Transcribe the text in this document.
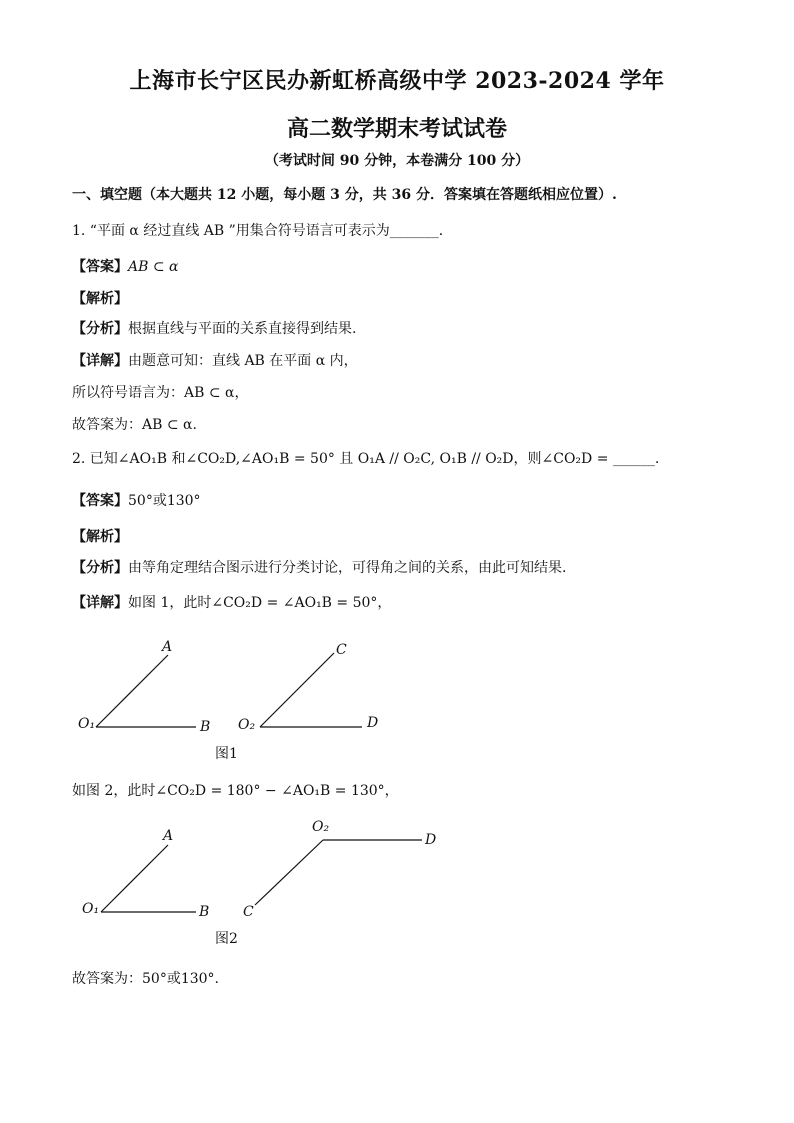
上海市长宁区民办新虹桥高级中学 2023-2024 学年
高二数学期末考试试卷
（考试时间 90 分钟，本卷满分 100 分）
一、填空题（本大题共 12 小题，每小题 3 分，共 36 分．答案填在答题纸相应位置）.
1. “平面 α 经过直线 AB ”用集合符号语言可表示为_______．
【答案】AB ⊂ α
【解析】
【分析】根据直线与平面的关系直接得到结果.
【详解】由题意可知：直线 AB 在平面 α 内，
所以符号语言为：AB ⊂ α，
故答案为：AB ⊂ α.
2. 已知∠AO₁B 和∠CO₂D,∠AO₁B = 50° 且 O₁A // O₂C, O₁B // O₂D，则∠CO₂D = ______.
【答案】50°或130°
【解析】
【分析】由等角定理结合图示进行分类讨论，可得角之间的关系，由此可知结果.
【详解】如图 1，此时∠CO₂D = ∠AO₁B = 50°，
A
O₁	B
C
O₂	D
A
O₁	B
O₂
D
C
图1
如图 2，此时∠CO₂D = 180° − ∠AO₁B = 130°，
图2
故答案为：50°或130°.
